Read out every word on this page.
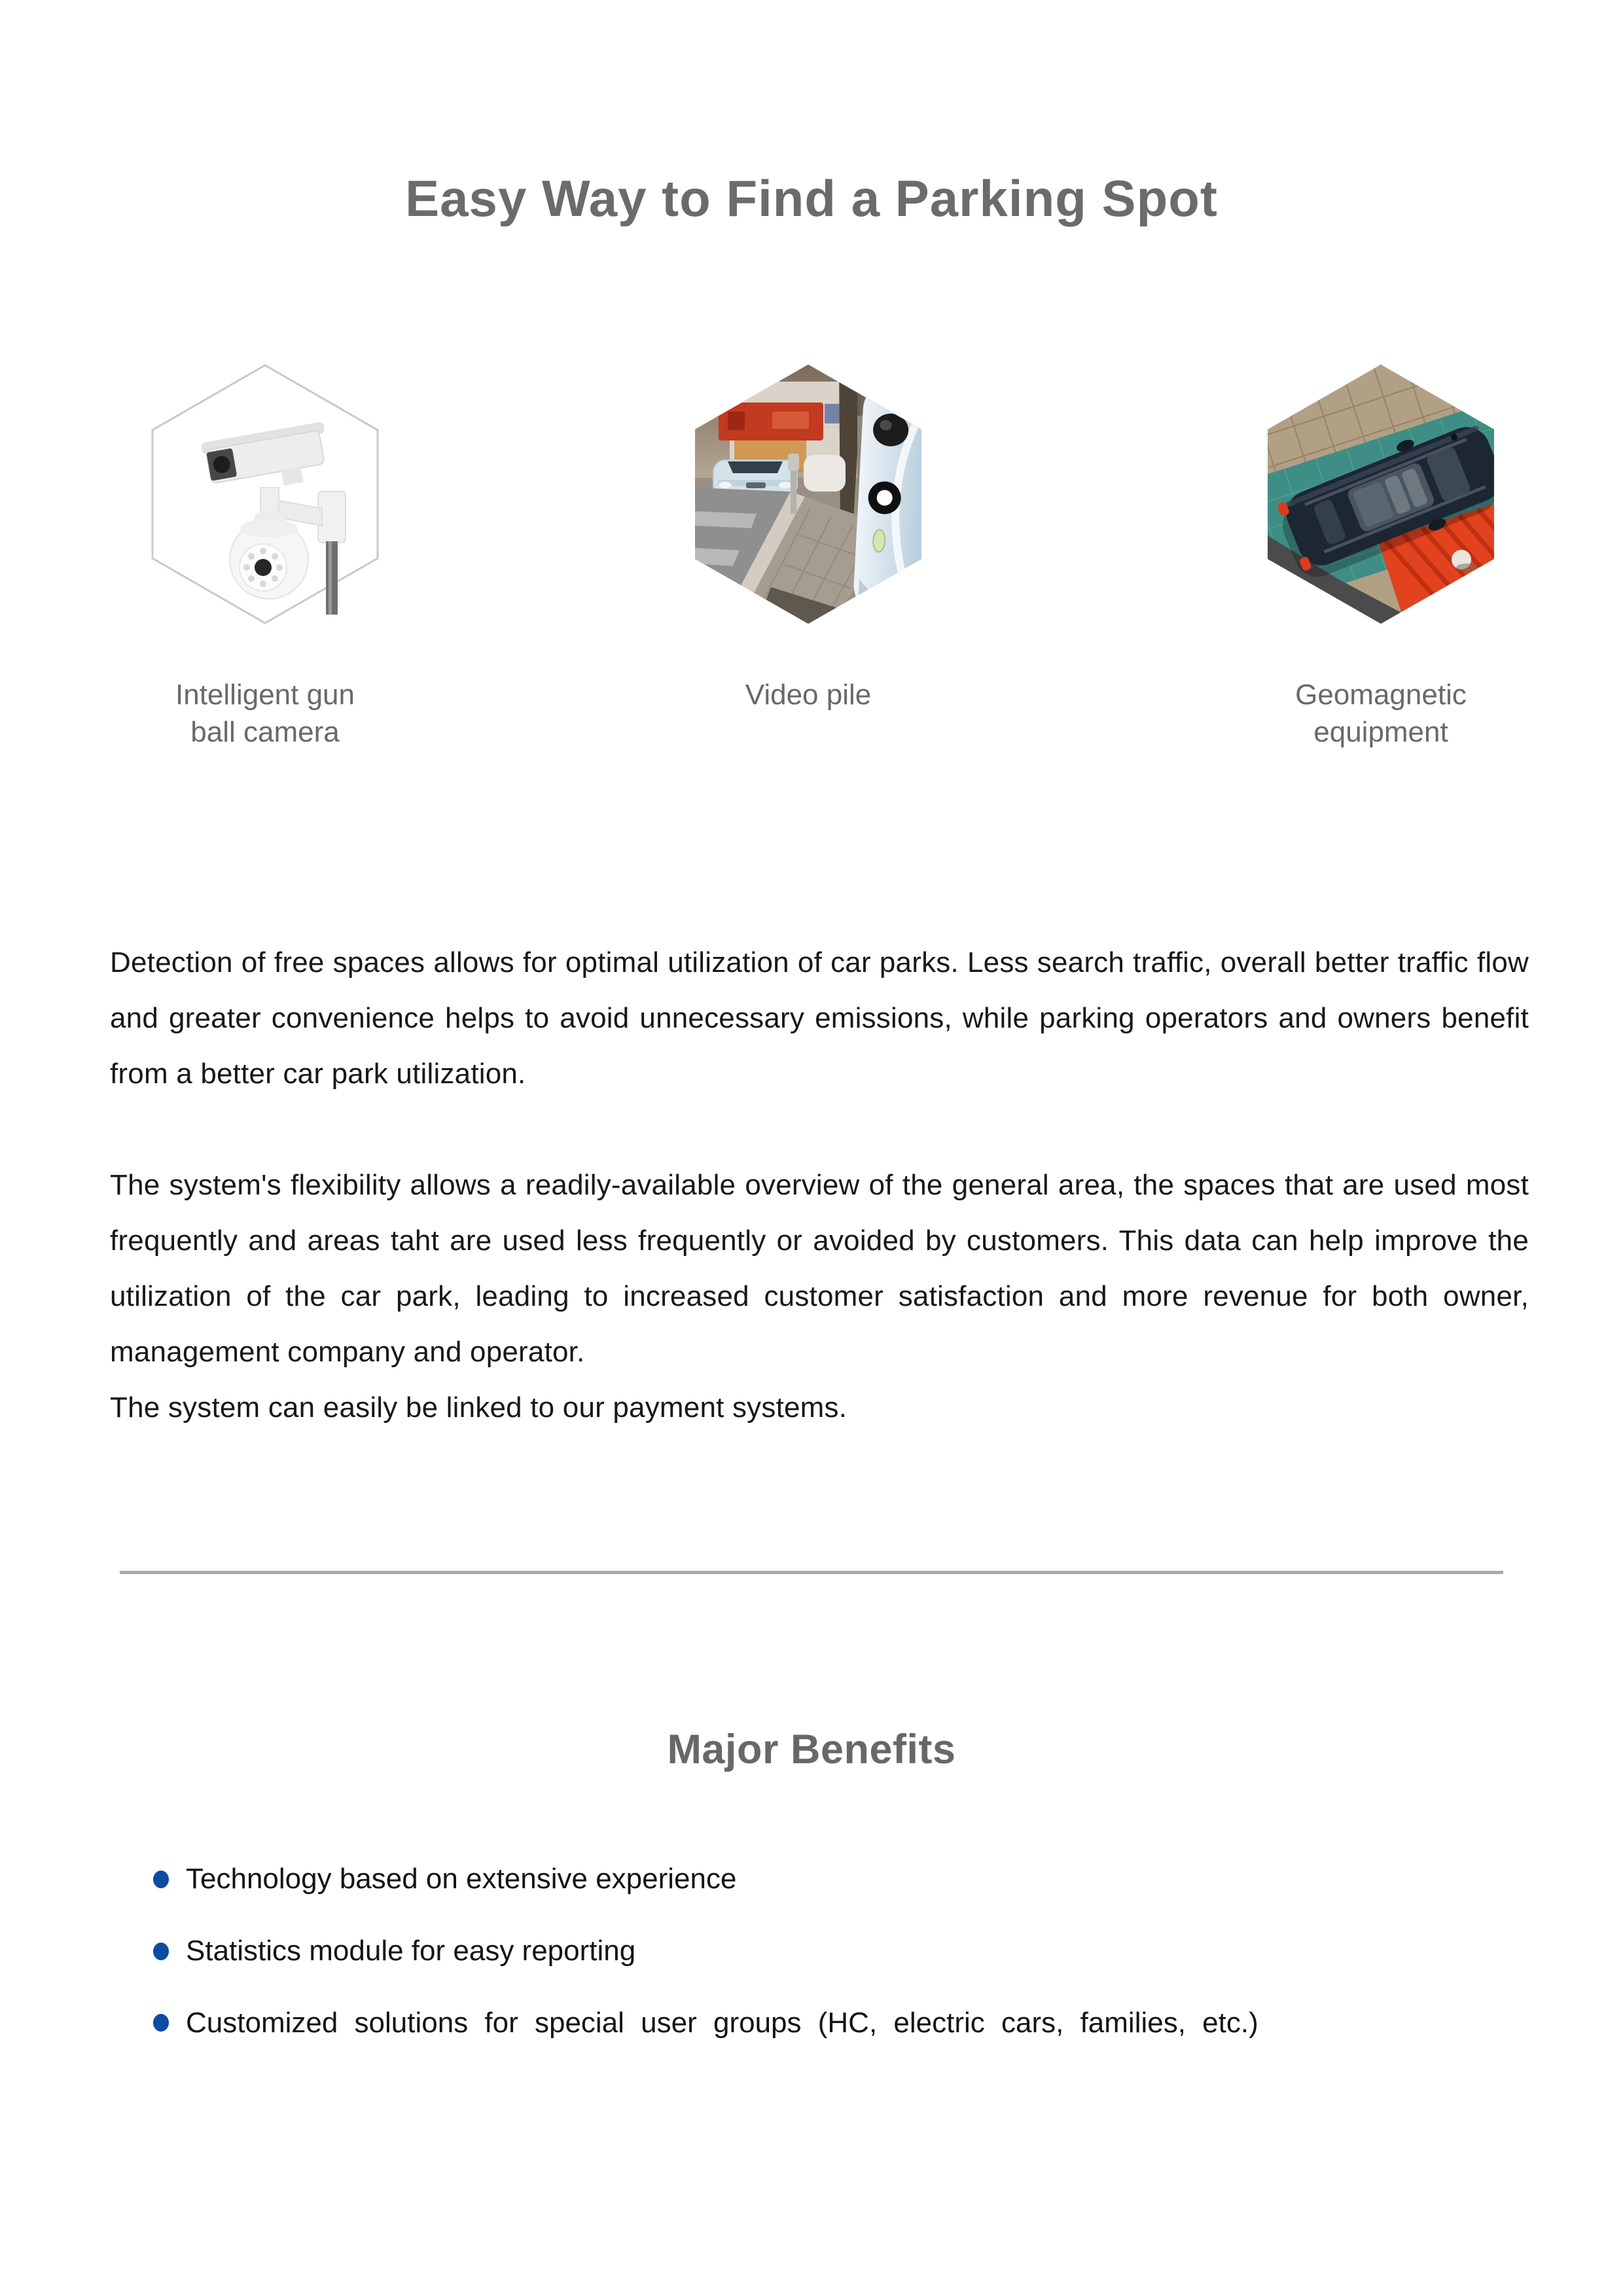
Easy Way to Find a Parking Spot
Intelligent gun ball camera
Video pile	Geomagnetic equipment

Detection of free spaces allows for optimal utilization of car parks. Less search traffic, overall better traffic flow and greater convenience helps to avoid unnecessary emissions, while parking operators and owners benefit from a better car park utilization.

The system's flexibility allows a readily-available overview of the general area, the spaces that are used most frequently and areas taht are used less frequently or avoided by customers. This data can help improve the utilization of the car park, leading to increased customer satisfaction and more revenue for both owner, management company and operator.

The system can easily be linked to our payment systems.

Major Benefits
Technology based on extensive experience
Statistics module for easy reporting
Customized solutions for special user groups (HC, electric cars, families, etc.)
